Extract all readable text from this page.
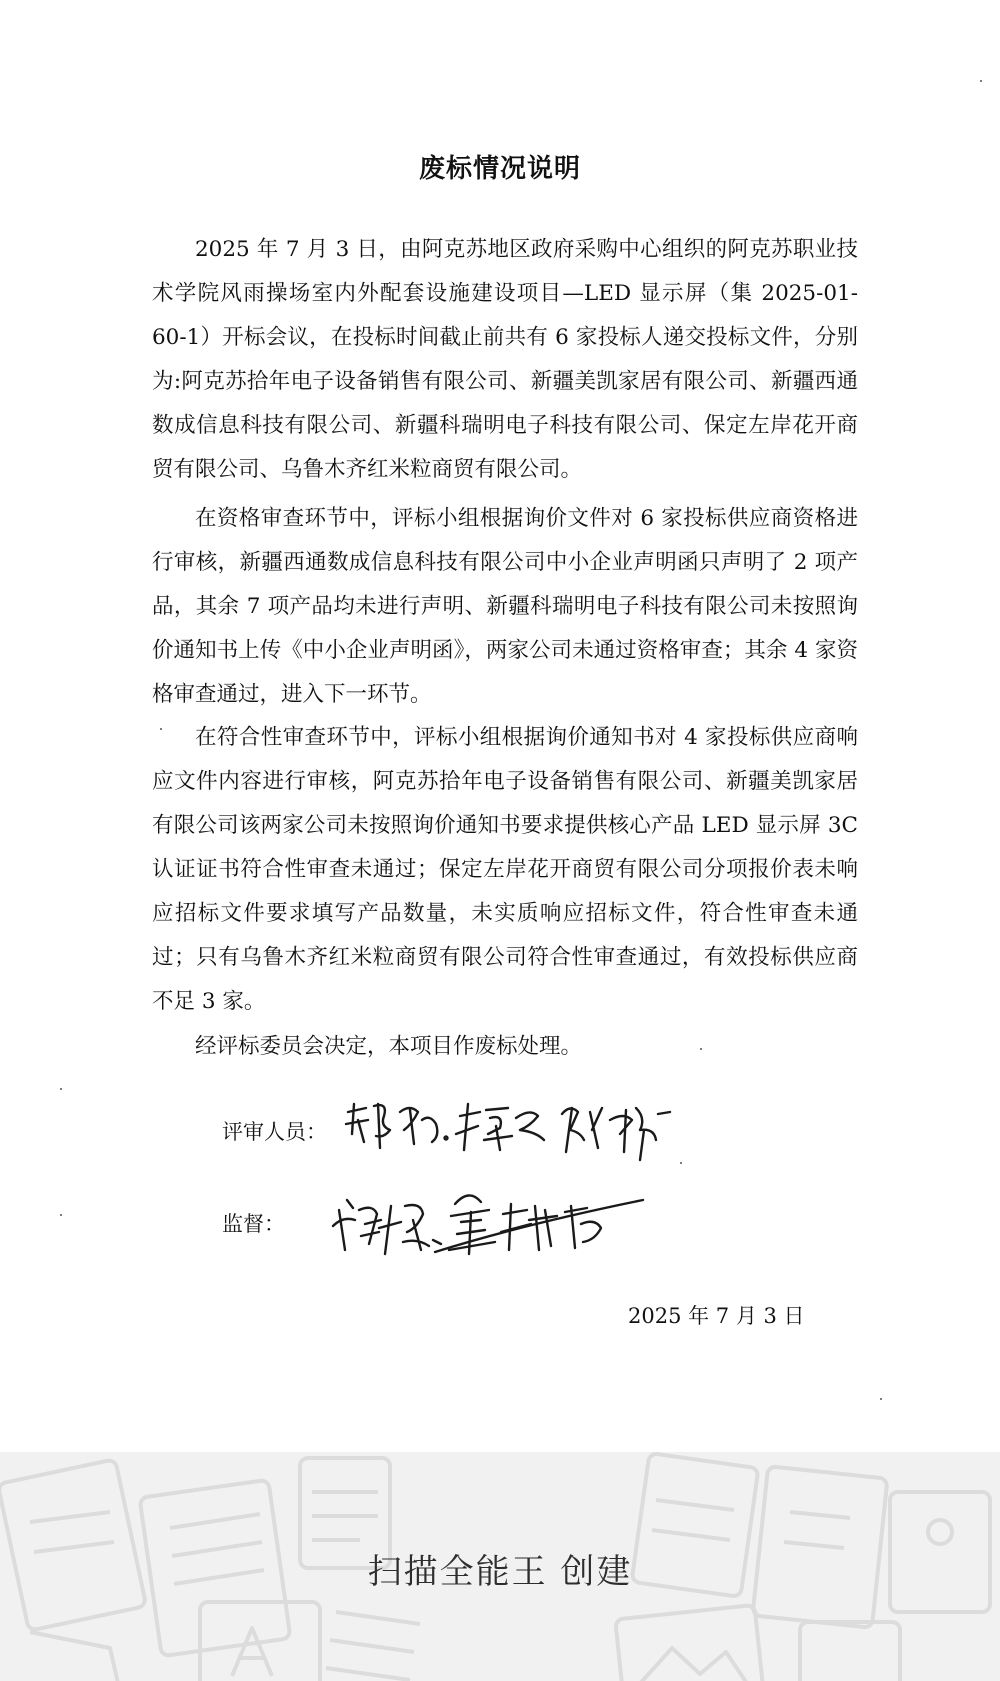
废标情况说明

2025 年 7 月 3 日，由阿克苏地区政府采购中心组织的阿克苏职业技术学院风雨操场室内外配套设施建设项目—LED 显示屏（集 2025-01-60-1）开标会议，在投标时间截止前共有 6 家投标人递交投标文件，分别为:阿克苏拾年电子设备销售有限公司、新疆美凯家居有限公司、新疆西通数成信息科技有限公司、新疆科瑞明电子科技有限公司、保定左岸花开商贸有限公司、乌鲁木齐红米粒商贸有限公司。

在资格审查环节中，评标小组根据询价文件对 6 家投标供应商资格进行审核，新疆西通数成信息科技有限公司中小企业声明函只声明了 2 项产品，其余 7 项产品均未进行声明、新疆科瑞明电子科技有限公司未按照询价通知书上传《中小企业声明函》，两家公司未通过资格审查；其余 4 家资格审查通过，进入下一环节。

在符合性审查环节中，评标小组根据询价通知书对 4 家投标供应商响应文件内容进行审核，阿克苏拾年电子设备销售有限公司、新疆美凯家居有限公司该两家公司未按照询价通知书要求提供核心产品 LED 显示屏 3C 认证证书符合性审查未通过；保定左岸花开商贸有限公司分项报价表未响应招标文件要求填写产品数量，未实质响应招标文件，符合性审查未通过；只有乌鲁木齐红米粒商贸有限公司符合性审查通过，有效投标供应商不足 3 家。

经评标委员会决定，本项目作废标处理。

评审人员：
监督：
2025 年 7 月 3 日
扫描全能王 创建
